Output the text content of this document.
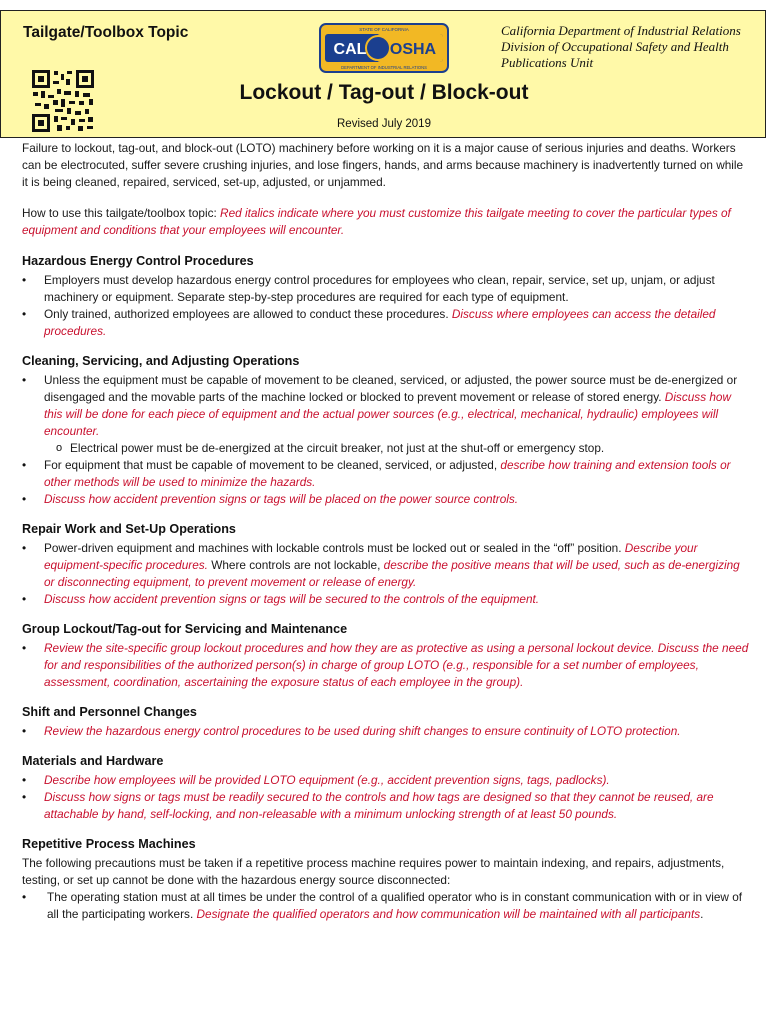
Tailgate/Toolbox Topic
CAL OSHA
STATE OF CALIFORNIA
DEPARTMENT OF INDUSTRIAL RELATIONS
California Department of Industrial Relations
Division of Occupational Safety and Health
Publications Unit
Lockout / Tag-out / Block-out
Revised July 2019

Failure to lockout, tag-out, and block-out (LOTO) machinery before working on it is a major cause of serious injuries and deaths. Workers can be electrocuted, suffer severe crushing injuries, and lose fingers, hands, and arms because machinery is inadvertently turned on while it is being cleaned, repaired, serviced, set-up, adjusted, or unjammed.

How to use this tailgate/toolbox topic: Red italics indicate where you must customize this tailgate meeting to cover the particular types of equipment and conditions that your employees will encounter.

Hazardous Energy Control Procedures
• Employers must develop hazardous energy control procedures for employees who clean, repair, service, set up, unjam, or adjust machinery or equipment. Separate step-by-step procedures are required for each type of equipment.
• Only trained, authorized employees are allowed to conduct these procedures. Discuss where employees can access the detailed procedures.
Cleaning, Servicing, and Adjusting Operations
• Unless the equipment must be capable of movement to be cleaned, serviced, or adjusted, the power source must be de-energized or disengaged and the movable parts of the machine locked or blocked to prevent movement or release of stored energy. Discuss how this will be done for each piece of equipment and the actual power sources (e.g., electrical, mechanical, hydraulic) employees will encounter.
o Electrical power must be de-energized at the circuit breaker, not just at the shut-off or emergency stop.
• For equipment that must be capable of movement to be cleaned, serviced, or adjusted, describe how training and extension tools or other methods will be used to minimize the hazards.
• Discuss how accident prevention signs or tags will be placed on the power source controls.
Repair Work and Set-Up Operations
• Power-driven equipment and machines with lockable controls must be locked out or sealed in the “off” position. Describe your equipment-specific procedures. Where controls are not lockable, describe the positive means that will be used, such as de-energizing or disconnecting equipment, to prevent movement or release of energy.
• Discuss how accident prevention signs or tags will be secured to the controls of the equipment.
Group Lockout/Tag-out for Servicing and Maintenance
• Review the site-specific group lockout procedures and how they are as protective as using a personal lockout device. Discuss the need for and responsibilities of the authorized person(s) in charge of group LOTO (e.g., responsible for a set number of employees, assessment, coordination, ascertaining the exposure status of each employee in the group).
Shift and Personnel Changes
• Review the hazardous energy control procedures to be used during shift changes to ensure continuity of LOTO protection.
Materials and Hardware
• Describe how employees will be provided LOTO equipment (e.g., accident prevention signs, tags, padlocks).
• Discuss how signs or tags must be readily secured to the controls and how tags are designed so that they cannot be reused, are attachable by hand, self-locking, and non-releasable with a minimum unlocking strength of at least 50 pounds.
Repetitive Process Machines

The following precautions must be taken if a repetitive process machine requires power to maintain indexing, and repairs, adjustments, testing, or set up cannot be done with the hazardous energy source disconnected:

• The operating station must at all times be under the control of a qualified operator who is in constant communication with or in view of all the participating workers. Designate the qualified operators and how communication will be maintained with all participants.
